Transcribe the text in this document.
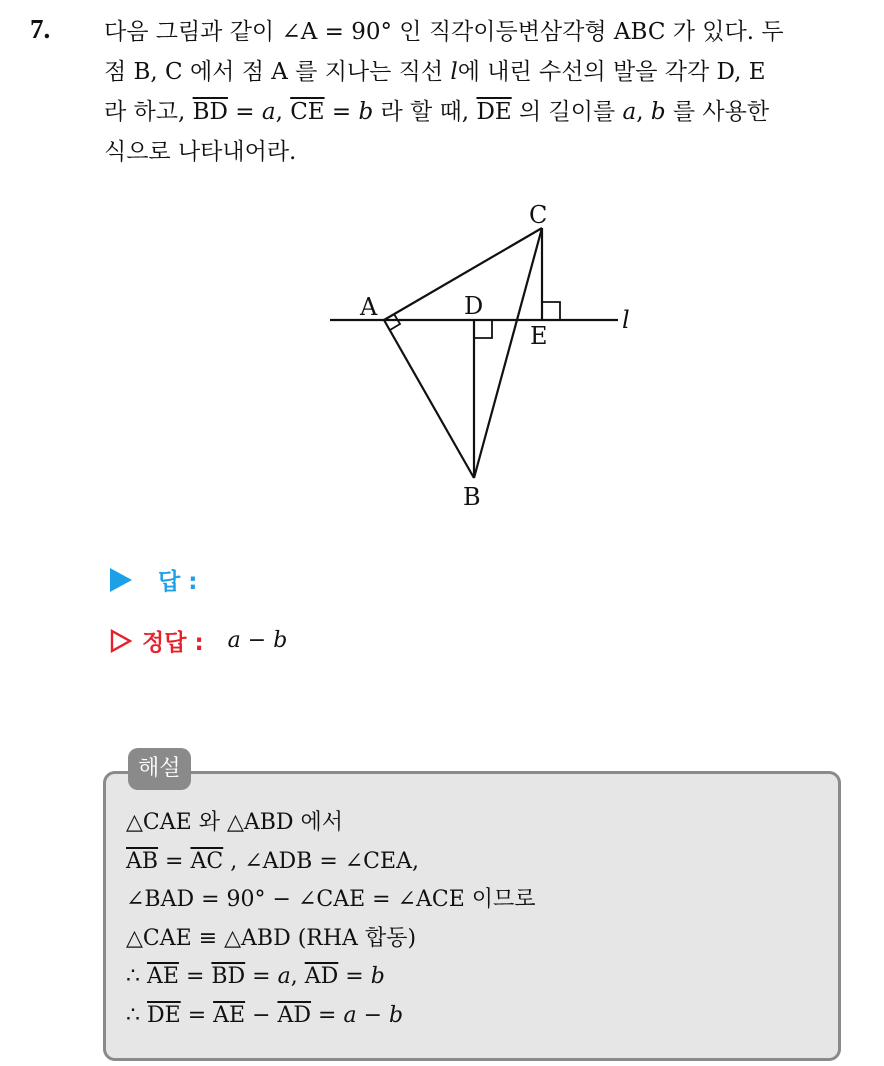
7. 다음 그림과 같이 ∠A = 90° 인 직각이등변삼각형 ABC 가 있다. 두
점 B, C 에서 점 A 를 지나는 직선 l에 내린 수선의 발을 각각 D, E
라 하고, $\overline{BD} = a$, $\overline{CE} = b$ 라 할 때, $\overline{DE}$ 의 길이를 a, b 를 사용한
식으로 나타내어라.
A	D
E
C
B
l
답 :
정답 : a − b
해설
△CAE 와 △ABD 에서
$\overline{AB} = \overline{AC}$ , ∠ADB = ∠CEA,
∠BAD = 90° − ∠CAE = ∠ACE 이므로
△CAE ≡ △ABD (RHA 합동)
∴ $\overline{AE} = \overline{BD} = a$, $\overline{AD} = b$
∴ $\overline{DE} = \overline{AE} - \overline{AD} = a - b$
